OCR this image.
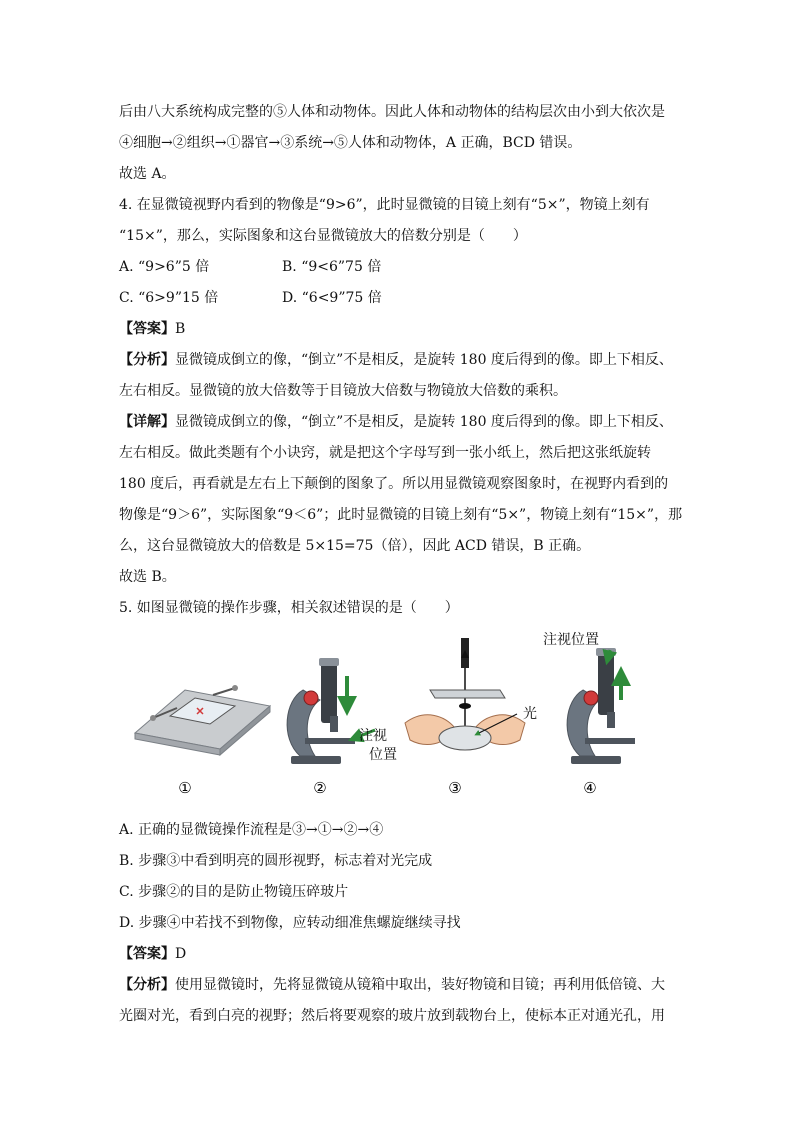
后由八大系统构成完整的⑤人体和动物体。因此人体和动物体的结构层次由小到大依次是
④细胞→②组织→①器官→③系统→⑤人体和动物体，A 正确，BCD 错误。
故选 A。
4. 在显微镜视野内看到的物像是“9>6”，此时显微镜的目镜上刻有“5×”，物镜上刻有
“15×”，那么，实际图象和这台显微镜放大的倍数分别是（　　）
A. “9>6”5 倍	B. “9<6”75 倍
C. “6>9”15 倍	D. “6<9”75 倍
【答案】B
【分析】显微镜成倒立的像，“倒立”不是相反，是旋转 180 度后得到的像。即上下相反、
左右相反。显微镜的放大倍数等于目镜放大倍数与物镜放大倍数的乘积。
【详解】显微镜成倒立的像，“倒立”不是相反，是旋转 180 度后得到的像。即上下相反、
左右相反。做此类题有个小诀窍，就是把这个字母写到一张小纸上，然后把这张纸旋转
180 度后，再看就是左右上下颠倒的图象了。所以用显微镜观察图象时，在视野内看到的
物像是“9＞6”，实际图象“9＜6”；此时显微镜的目镜上刻有“5×”，物镜上刻有“15×”，那
么，这台显微镜放大的倍数是 5×15=75（倍），因此 ACD 错误，B 正确。
故选 B。
5. 如图显微镜的操作步骤，相关叙述错误的是（　　）
注视
位置
光
注视位置
①	②	③	④
A. 正确的显微镜操作流程是③→①→②→④
B. 步骤③中看到明亮的圆形视野，标志着对光完成
C. 步骤②的目的是防止物镜压碎玻片
D. 步骤④中若找不到物像，应转动细准焦螺旋继续寻找
【答案】D
【分析】使用显微镜时，先将显微镜从镜箱中取出，装好物镜和目镜；再利用低倍镜、大
光圈对光，看到白亮的视野；然后将要观察的玻片放到载物台上，使标本正对通光孔，用
